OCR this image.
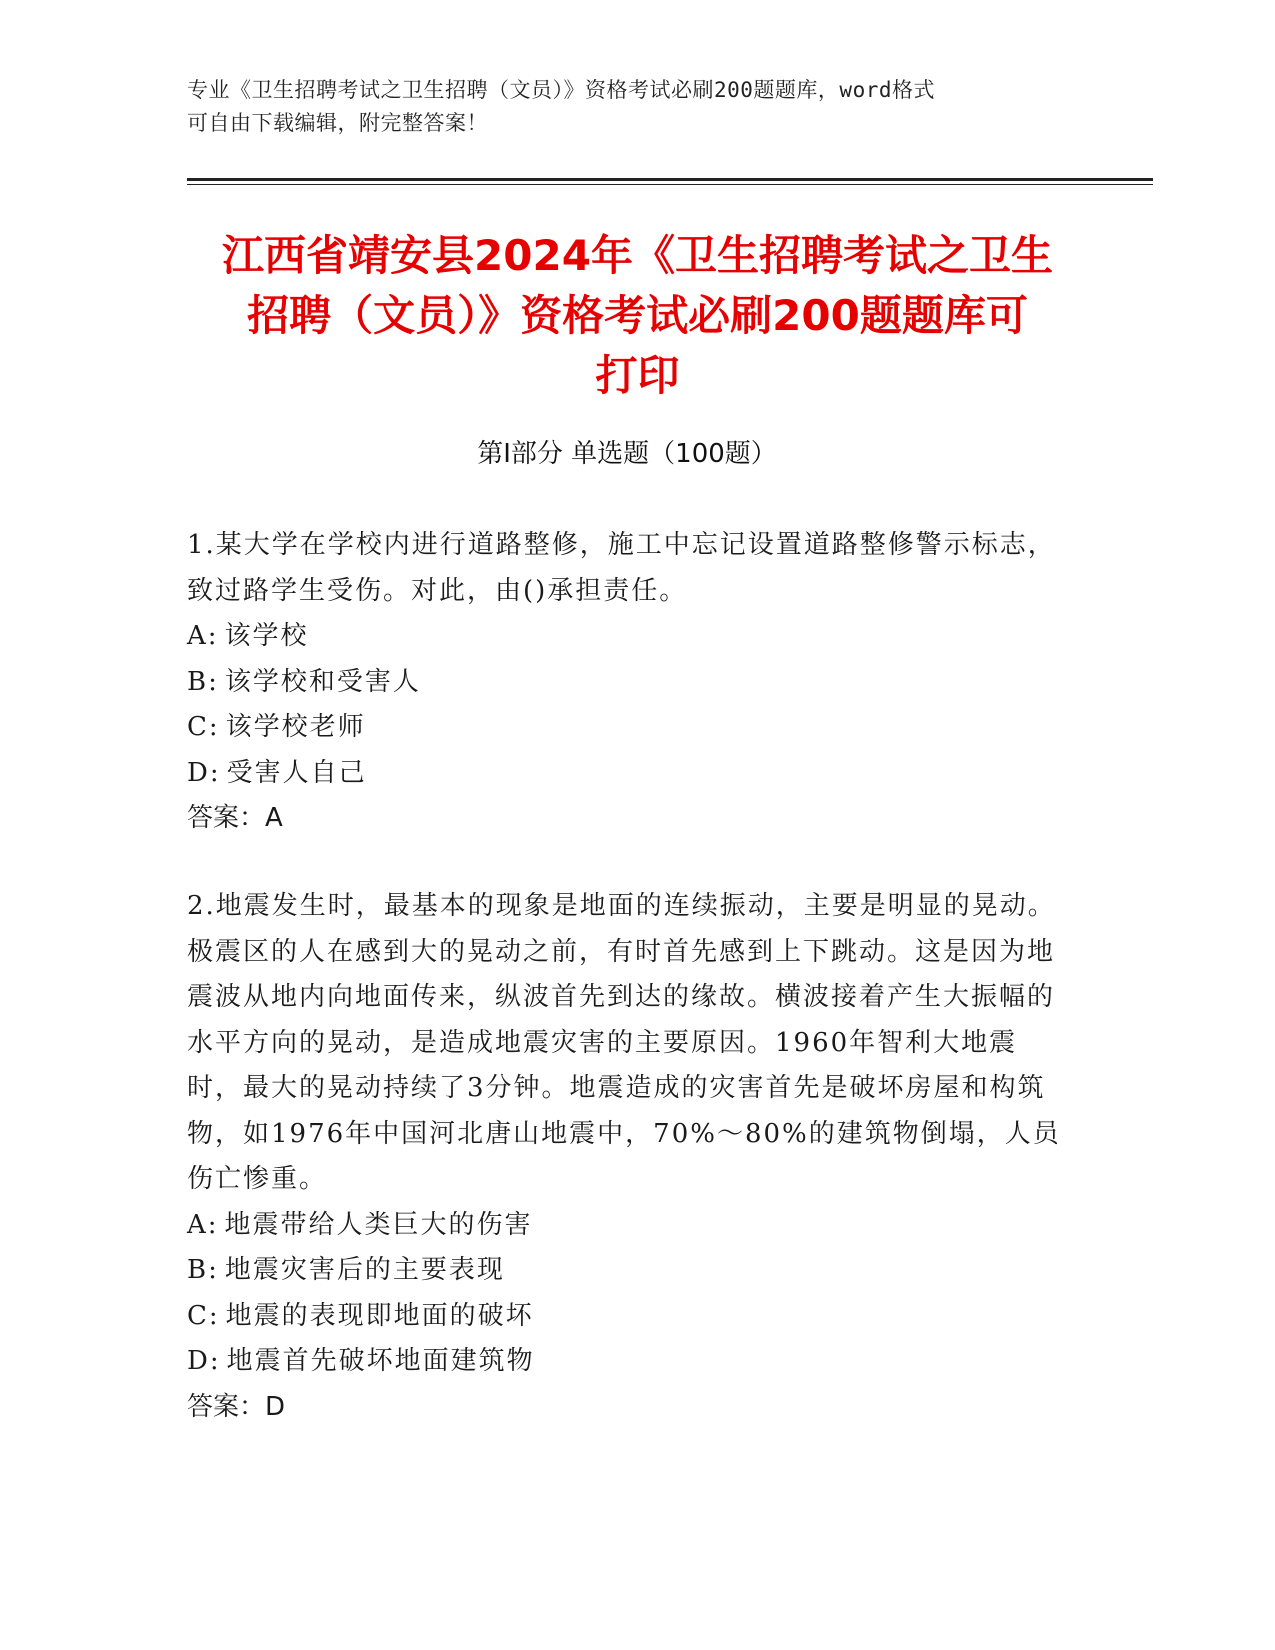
专业《卫生招聘考试之卫生招聘（文员）》资格考试必刷200题题库，word格式
可自由下载编辑，附完整答案！
江西省靖安县2024年《卫生招聘考试之卫生
招聘（文员）》资格考试必刷200题题库可
打印
第Ⅰ部分 单选题（100题）

1.某大学在学校内进行道路整修，施工中忘记设置道路整修警示标志，致过路学生受伤。对此，由()承担责任。

A: 该学校

B: 该学校和受害人

C: 该学校老师

D: 受害人自己

答案：A

2.地震发生时，最基本的现象是地面的连续振动，主要是明显的晃动。极震区的人在感到大的晃动之前，有时首先感到上下跳动。这是因为地震波从地内向地面传来，纵波首先到达的缘故。横波接着产生大振幅的水平方向的晃动，是造成地震灾害的主要原因。1960年智利大地震时，最大的晃动持续了3分钟。地震造成的灾害首先是破坏房屋和构筑物，如1976年中国河北唐山地震中，70%～80%的建筑物倒塌，人员伤亡惨重。

A: 地震带给人类巨大的伤害

B: 地震灾害后的主要表现

C: 地震的表现即地面的破坏

D: 地震首先破坏地面建筑物

答案：D
